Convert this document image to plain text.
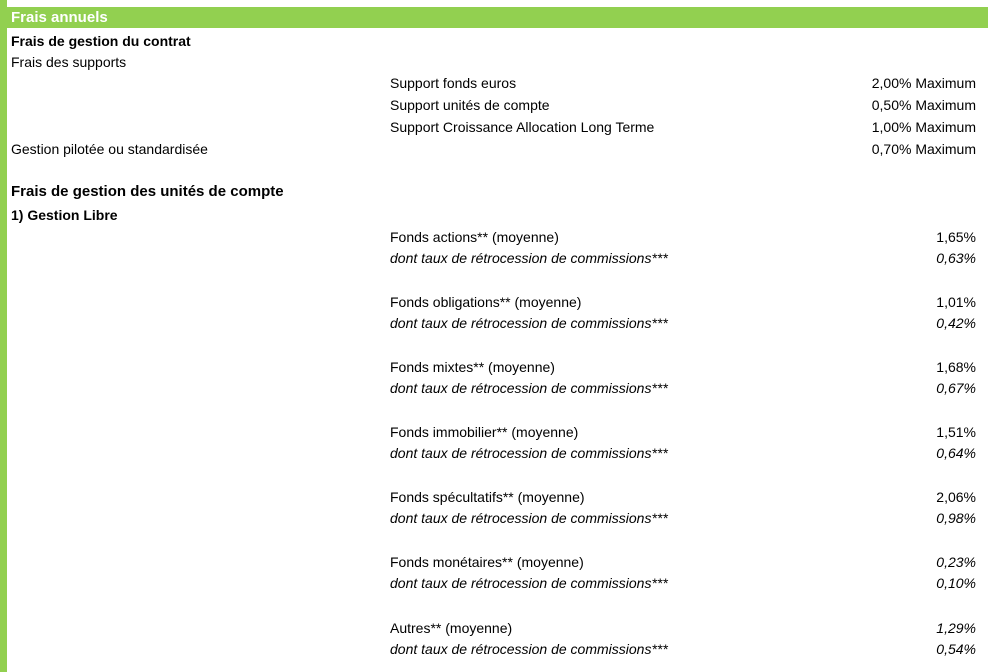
Frais annuels
Frais de gestion du contrat
Frais des supports
Support fonds euros	2,00% Maximum
Support unités de compte	0,50% Maximum
Support Croissance Allocation Long Terme	1,00% Maximum
Gestion pilotée ou standardisée	0,70% Maximum
Frais de gestion des unités de compte
1) Gestion Libre
Fonds actions** (moyenne)	1,65%
dont taux de rétrocession de commissions***	0,63%
Fonds obligations** (moyenne)	1,01%
dont taux de rétrocession de commissions***	0,42%
Fonds mixtes** (moyenne)	1,68%
dont taux de rétrocession de commissions***	0,67%
Fonds immobilier** (moyenne)	1,51%
dont taux de rétrocession de commissions***	0,64%
Fonds spécultatifs** (moyenne)	2,06%
dont taux de rétrocession de commissions***	0,98%
Fonds monétaires** (moyenne)	0,23%
dont taux de rétrocession de commissions***	0,10%
Autres** (moyenne)	1,29%
dont taux de rétrocession de commissions***	0,54%
